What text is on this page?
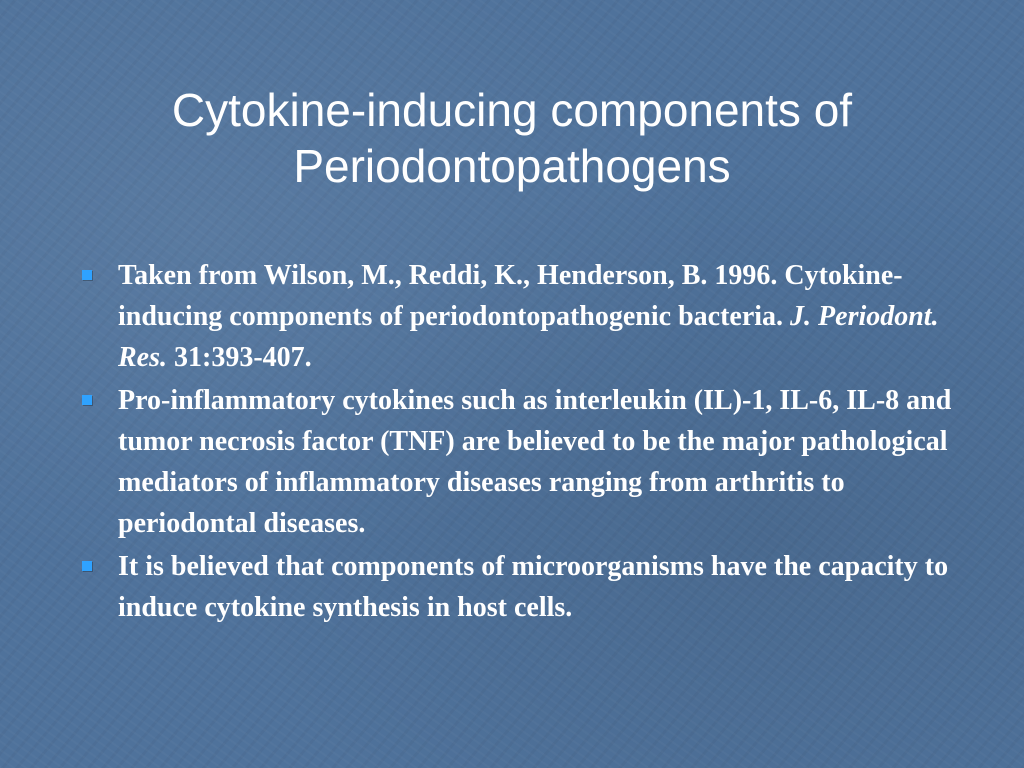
Cytokine-inducing components of
Periodontopathogens
Taken from Wilson, M., Reddi, K., Henderson, B. 1996. Cytokine-inducing components of periodontopathogenic bacteria. J. Periodont. Res. 31:393-407.
Pro-inflammatory cytokines such as interleukin (IL)-1, IL-6, IL-8 and tumor necrosis factor (TNF) are believed to be the major pathological mediators of inflammatory diseases ranging from arthritis to periodontal diseases.
It is believed that components of microorganisms have the capacity to induce cytokine synthesis in host cells.
